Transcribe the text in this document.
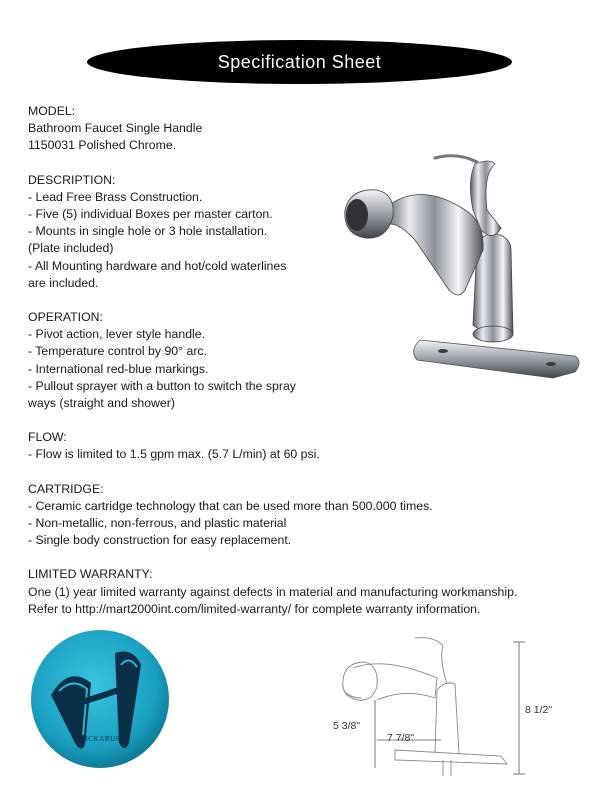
Specification Sheet
MODEL:
Bathroom Faucet Single Handle
1150031 Polished Chrome.
DESCRIPTION:
- Lead Free Brass Construction.
- Five (5) individual Boxes per master carton.
- Mounts in single hole or 3 hole installation.
(Plate included)
- All Mounting hardware and hot/cold waterlines
are included.
OPERATION:
- Pivot action, lever style handle.
- Temperature control by 90° arc.
- International red-blue markings.
- Pullout sprayer with a button to switch the spray
ways (straight and shower)
FLOW:
- Flow is limited to 1.5 gpm max. (5.7 L/min) at 60 psi.
CARTRIDGE:
- Ceramic cartridge technology that can be used more than 500.000 times.
- Non-metallic, non-ferrous, and plastic material
- Single body construction for easy replacement.
LIMITED WARRANTY:
One (1) year limited warranty against defects in material and manufacturing workmanship.
Refer to http://mart2000int.com/limited-warranty/ for complete warranty information.
HICKARUS
8 1/2"
5 3/8"
7 7/8"
